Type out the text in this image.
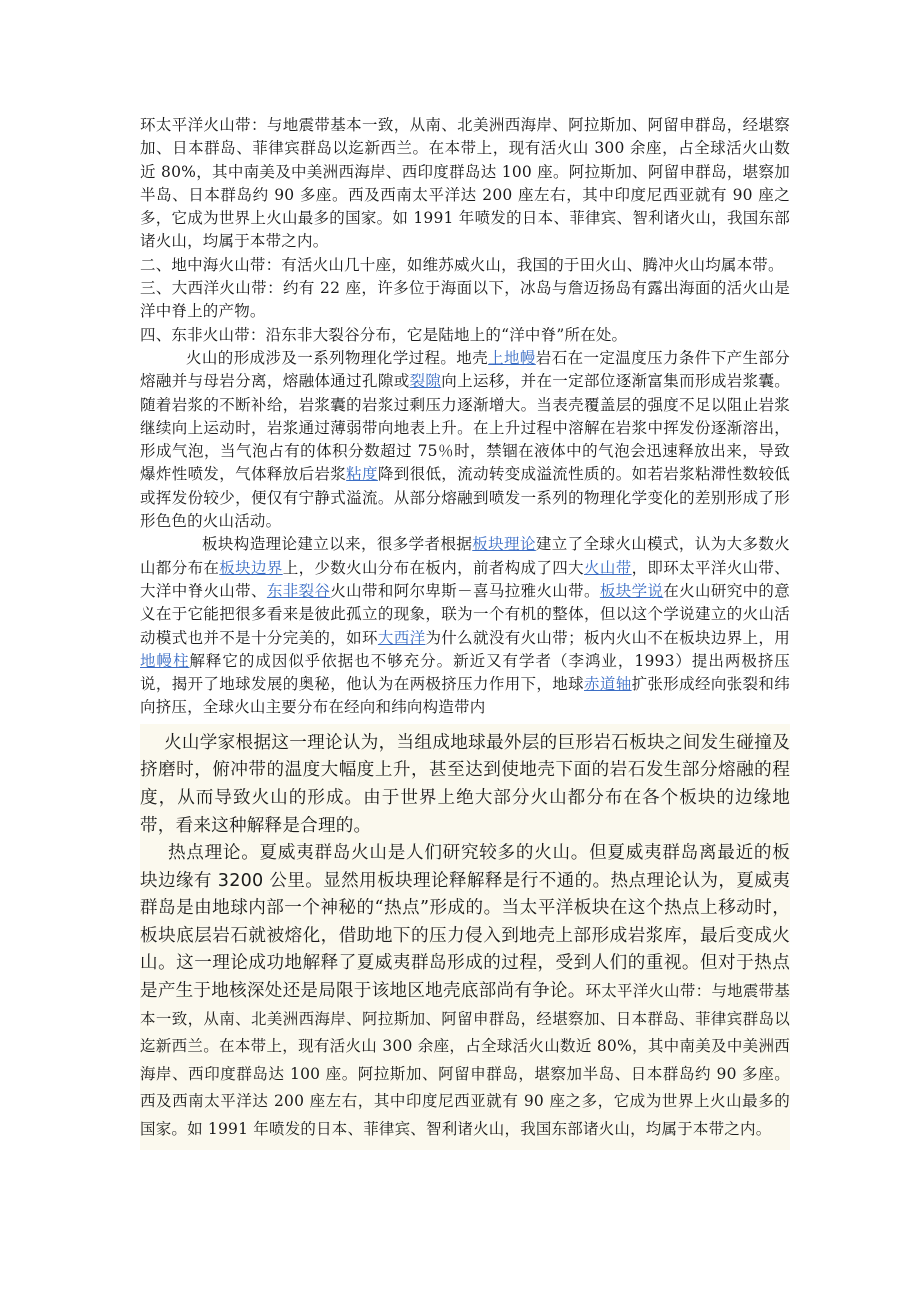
环太平洋火山带：与地震带基本一致，从南、北美洲西海岸、阿拉斯加、阿留申群岛，经堪察加、日本群岛、菲律宾群岛以迄新西兰。在本带上，现有活火山 300 余座，占全球活火山数近 80%，其中南美及中美洲西海岸、西印度群岛达 100 座。阿拉斯加、阿留申群岛，堪察加半岛、日本群岛约 90 多座。西及西南太平洋达 200 座左右，其中印度尼西亚就有 90 座之多，它成为世界上火山最多的国家。如 1991 年喷发的日本、菲律宾、智利诸火山，我国东部诸火山，均属于本带之内。

二、地中海火山带：有活火山几十座，如维苏威火山，我国的于田火山、腾冲火山均属本带。

三、大西洋火山带：约有 22 座，许多位于海面以下，冰岛与詹迈扬岛有露出海面的活火山是洋中脊上的产物。

四、东非火山带：沿东非大裂谷分布，它是陆地上的“洋中脊”所在处。

火山的形成涉及一系列物理化学过程。地壳上地幔岩石在一定温度压力条件下产生部分熔融并与母岩分离，熔融体通过孔隙或裂隙向上运移，并在一定部位逐渐富集而形成岩浆囊。随着岩浆的不断补给，岩浆囊的岩浆过剩压力逐渐增大。当表壳覆盖层的强度不足以阻止岩浆继续向上运动时，岩浆通过薄弱带向地表上升。在上升过程中溶解在岩浆中挥发份逐渐溶出，形成气泡，当气泡占有的体积分数超过 75％时，禁锢在液体中的气泡会迅速释放出来，导致爆炸性喷发，气体释放后岩浆粘度降到很低，流动转变成溢流性质的。如若岩浆粘滞性数较低或挥发份较少，便仅有宁静式溢流。从部分熔融到喷发一系列的物理化学变化的差别形成了形形色色的火山活动。

板块构造理论建立以来，很多学者根据板块理论建立了全球火山模式，认为大多数火山都分布在板块边界上，少数火山分布在板内，前者构成了四大火山带，即环太平洋火山带、大洋中脊火山带、东非裂谷火山带和阿尔卑斯－喜马拉雅火山带。板块学说在火山研究中的意义在于它能把很多看来是彼此孤立的现象，联为一个有机的整体，但以这个学说建立的火山活动模式也并不是十分完美的，如环大西洋为什么就没有火山带；板内火山不在板块边界上，用地幔柱解释它的成因似乎依据也不够充分。新近又有学者（李鸿业，1993）提出两极挤压说，揭开了地球发展的奥秘，他认为在两极挤压力作用下，地球赤道轴扩张形成经向张裂和纬向挤压，全球火山主要分布在经向和纬向构造带内

火山学家根据这一理论认为，当组成地球最外层的巨形岩石板块之间发生碰撞及挤磨时，俯冲带的温度大幅度上升，甚至达到使地壳下面的岩石发生部分熔融的程度，从而导致火山的形成。由于世界上绝大部分火山都分布在各个板块的边缘地带，看来这种解释是合理的。

热点理论。夏威夷群岛火山是人们研究较多的火山。但夏威夷群岛离最近的板块边缘有 3200 公里。显然用板块理论释解释是行不通的。热点理论认为，夏威夷群岛是由地球内部一个神秘的“热点”形成的。当太平洋板块在这个热点上移动时，板块底层岩石就被熔化，借助地下的压力侵入到地壳上部形成岩浆库，最后变成火山。这一理论成功地解释了夏威夷群岛形成的过程，受到人们的重视。但对于热点是产生于地核深处还是局限于该地区地壳底部尚有争论。环太平洋火山带：与地震带基本一致，从南、北美洲西海岸、阿拉斯加、阿留申群岛，经堪察加、日本群岛、菲律宾群岛以迄新西兰。在本带上，现有活火山 300 余座，占全球活火山数近 80%，其中南美及中美洲西海岸、西印度群岛达 100 座。阿拉斯加、阿留申群岛，堪察加半岛、日本群岛约 90 多座。西及西南太平洋达 200 座左右，其中印度尼西亚就有 90 座之多，它成为世界上火山最多的国家。如 1991 年喷发的日本、菲律宾、智利诸火山，我国东部诸火山，均属于本带之内。
